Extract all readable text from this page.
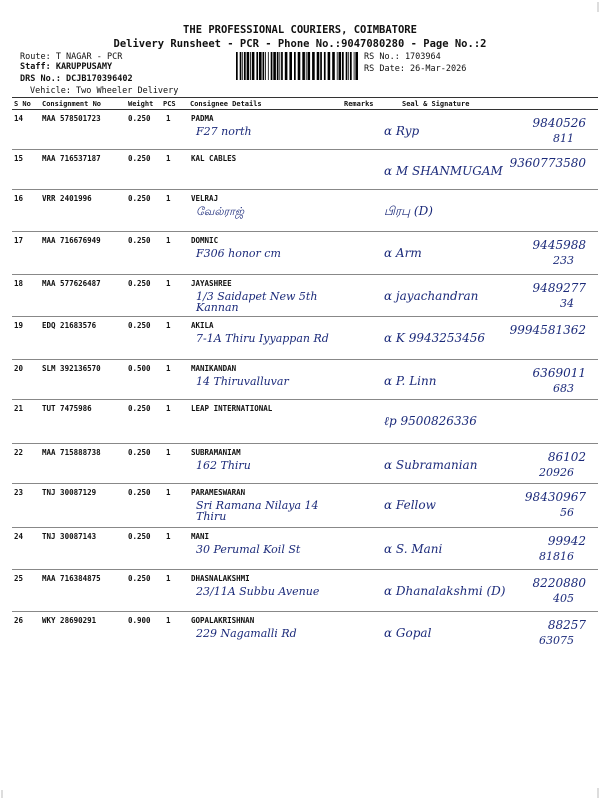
THE PROFESSIONAL COURIERS, COIMBATORE
Delivery Runsheet - PCR - Phone No.:9047080280 - Page No.:2
Route: T NAGAR - PCR
Staff: KARUPPUSAMY
DRS No.: DCJB170396402
Vehicle: Two Wheeler Delivery
RS No.: 1703964
RS Date: 26-Mar-2026
S No Consignment No	Weight PCS Consignee Details	Remarks	Seal & Signature
14	MAA 578501723	0.250 1	PADMA
F27 north	α Ryp
9840526
811
15	MAA 716537187	0.250 1	KAL CABLES
α M SHANMUGAM
9360773580
16	VRR 2401996	0.250 1	VELRAJ
வேல்ராஜ்	பிரபு (D)
17	MAA 716676949	0.250 1	DOMNIC
F306 honor cm	α Arm
9445988
233
18	MAA 577626487	0.250 1	JAYASHREE
1/3 Saidapet New 5th Kannan
α jayachandran
9489277
34
19	EDQ 21683576	0.250 1	AKILA
7-1A Thiru Iyyappan Rd	α K 9943253456
9994581362
20	SLM 392136570	0.500 1	MANIKANDAN
14 Thiruvalluvar	α P. Linn
6369011
683
21	TUT 7475986	0.250 1	LEAP INTERNATIONAL
ℓp 9500826336
22	MAA 715888738	0.250 1	SUBRAMANIAM
162 Thiru	α Subramanian
86102
20926
23	TNJ 30087129	0.250 1	PARAMESWARAN
Sri Ramana Nilaya 14 Thiru
α Fellow
98430967
56
24	TNJ 30087143	0.250 1	MANI
30 Perumal Koil St	α S. Mani
99942
81816
25	MAA 716384875	0.250 1	DHASNALAKSHMI
23/11A Subbu Avenue	α Dhanalakshmi (D)
8220880
405
26	WKY 28690291	0.900 1	GOPALAKRISHNAN
229 Nagamalli Rd	α Gopal
88257
63075
